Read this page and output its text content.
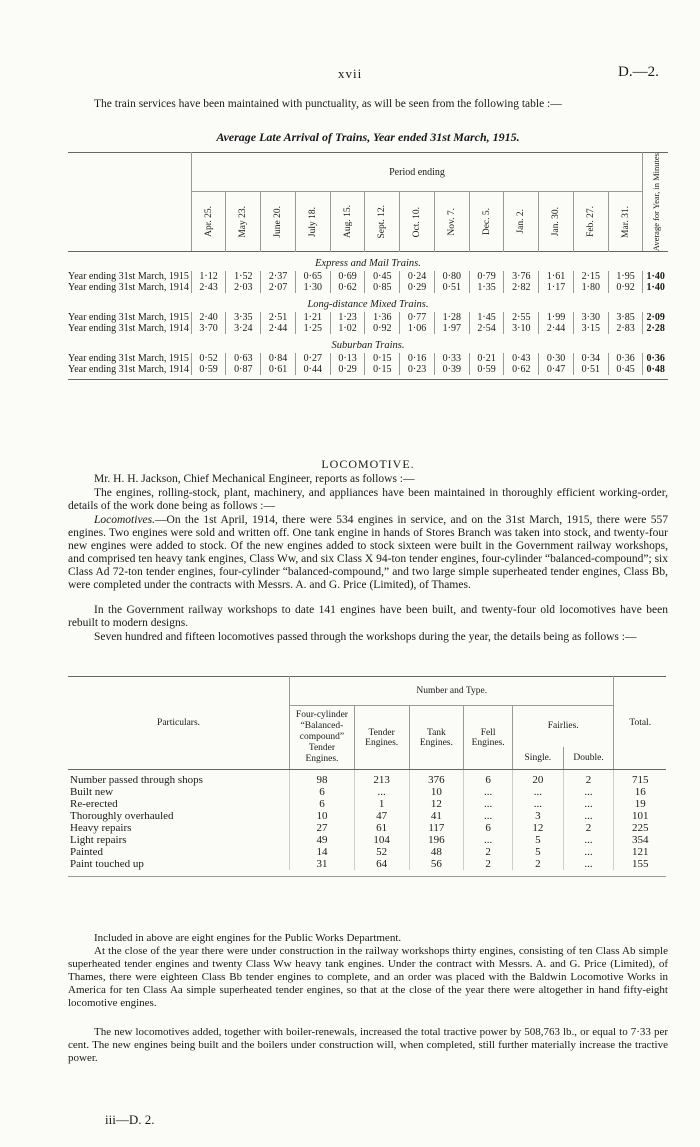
xvii	D.—2.
The train services have been maintained with punctuality, as will be seen from the following table :—
Average Late Arrival of Trains, Year ended 31st March, 1915.
	Period ending													Average for Year, in Minutes

	Apr. 25.	May 23.	June 20.	July 18.	Aug. 15.	Sept. 12.	Oct. 10.	Nov. 7.	Dec. 5.	Jan. 2.	Jan. 30.	Feb. 27.	Mar. 31.	

Express and Mail Trains.														
Year ending 31st March, 1915	1·12	1·52	2·37	0·65	0·69	0·45	0·24	0·80	0·79	3·76	1·61	2·15	1·95	1·40
Year ending 31st March, 1914	2·43	2·03	2·07	1·30	0·62	0·85	0·29	0·51	1·35	2·82	1·17	1·80	0·92	1·40
Long-distance Mixed Trains.														
Year ending 31st March, 1915	2·40	3·35	2·51	1·21	1·23	1·36	0·77	1·28	1·45	2·55	1·99	3·30	3·85	2·09
Year ending 31st March, 1914	3·70	3·24	2·44	1·25	1·02	0·92	1·06	1·97	2·54	3·10	2·44	3·15	2·83	2·28
Suburban Trains.														
Year ending 31st March, 1915	0·52	0·63	0·84	0·27	0·13	0·15	0·16	0·33	0·21	0·43	0·30	0·34	0·36	0·36
Year ending 31st March, 1914	0·59	0·87	0·61	0·44	0·29	0·15	0·23	0·39	0·59	0·62	0·47	0·51	0·45	0·48

LOCOMOTIVE.
Mr. H. H. Jackson, Chief Mechanical Engineer, reports as follows :—
The engines, rolling-stock, plant, machinery, and appliances have been maintained in thoroughly efficient working-order, details of the work done being as follows :—
Locomotives.—On the 1st April, 1914, there were 534 engines in service, and on the 31st March, 1915, there were 557 engines. Two engines were sold and written off. One tank engine in hands of Stores Branch was taken into stock, and twenty-four new engines were added to stock. Of the new engines added to stock sixteen were built in the Government railway workshops, and comprised ten heavy tank engines, Class Ww, and six Class X 94-ton tender engines, four-cylinder “balanced-compound”; six Class Ad 72-ton tender engines, four-cylinder “balanced-compound,” and two large simple superheated tender engines, Class Bb, were completed under the contracts with Messrs. A. and G. Price (Limited), of Thames.
In the Government railway workshops to date 141 engines have been built, and twenty-four old locomotives have been rebuilt to modern designs.
Seven hundred and fifteen locomotives passed through the workshops during the year, the details being as follows :—
Particulars.	Number and Type.						Total.
	Four-cylinder “Balanced-compound” Tender Engines.	Tender Engines.	Tank Engines.	Fell Engines.	Fairlies.		
					Single.	Double.	
Number passed through shops	98	213	376	6	20	2	715
Built new	6	...	10	...	...	...	16
Re-erected	6	1	12	...	...	...	19
Thoroughly overhauled	10	47	41	...	3	...	101
Heavy repairs	27	61	117	6	12	2	225
Light repairs	49	104	196	...	5	...	354
Painted	14	52	48	2	5	...	121
Paint touched up	31	64	56	2	2	...	155

Included in above are eight engines for the Public Works Department.
At the close of the year there were under construction in the railway workshops thirty engines, consisting of ten Class Ab simple superheated tender engines and twenty Class Ww heavy tank engines. Under the contract with Messrs. A. and G. Price (Limited), of Thames, there were eighteen Class Bb tender engines to complete, and an order was placed with the Baldwin Locomotive Works in America for ten Class Aa simple superheated tender engines, so that at the close of the year there were altogether in hand fifty-eight locomotive engines.
The new locomotives added, together with boiler-renewals, increased the total tractive power by 508,763 lb., or equal to 7·33 per cent. The new engines being built and the boilers under construction will, when completed, still further materially increase the tractive power.
iii—D. 2.
